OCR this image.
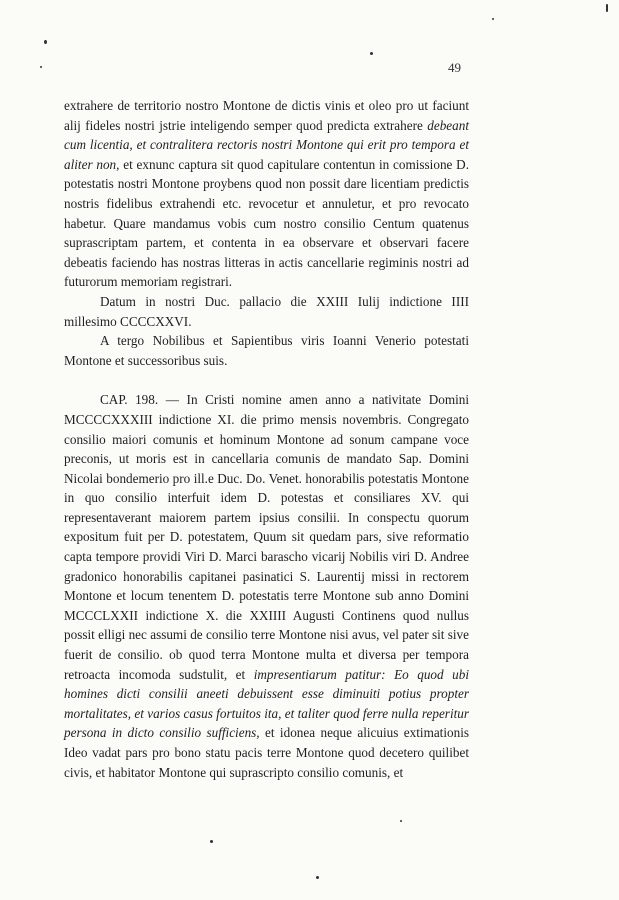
49

extrahere de territorio nostro Montone de dictis vinis et oleo pro ut faciunt alij fideles nostri jstrie inteligendo semper quod predicta extrahere debeant cum licentia, et contralitera rectoris nostri Montone qui erit pro tempora et aliter non, et exnunc captura sit quod capitulare contentun in comissione D. potestatis nostri Montone proybens quod non possit dare licentiam predictis nostris fidelibus extrahendi etc. revocetur et annuletur, et pro revocato habetur. Quare mandamus vobis cum nostro consilio Centum quatenus suprascriptam partem, et contenta in ea observare et observari facere debeatis faciendo has nostras litteras in actis cancellarie regiminis nostri ad futurorum memoriam registrari.

Datum in nostri Duc. pallacio die XXIII Iulij indictione IIII millesimo CCCCXXVI.

A tergo Nobilibus et Sapientibus viris Ioanni Venerio potestati Montone et successoribus suis.

CAP. 198. — In Cristi nomine amen anno a nativitate Domini MCCCCXXXIII indictione XI. die primo mensis novembris. Congregato consilio maiori comunis et hominum Montone ad sonum campane voce preconis, ut moris est in cancellaria comunis de mandato Sap. Domini Nicolai bondemerio pro ill.e Duc. Do. Venet. honorabilis potestatis Montone in quo consilio interfuit idem D. potestas et consiliares XV. qui representaverant maiorem partem ipsius consilii. In conspectu quorum expositum fuit per D. potestatem, Quum sit quedam pars, sive reformatio capta tempore providi Viri D. Marci barascho vicarij Nobilis viri D. Andree gradonico honorabilis capitanei pasinatici S. Laurentij missi in rectorem Montone et locum tenentem D. potestatis terre Montone sub anno Domini MCCCLXXII indictione X. die XXIIII Augusti Continens quod nullus possit elligi nec assumi de consilio terre Montone nisi avus, vel pater sit sive fuerit de consilio. ob quod terra Montone multa et diversa per tempora retroacta incomoda sudstulit, et impresentiarum patitur: Eo quod ubi homines dicti consilii aneeti debuissent esse diminuiti potius propter mortalitates, et varios casus fortuitos ita, et taliter quod ferre nulla reperitur persona in dicto consilio sufficiens, et idonea neque alicuius extimationis Ideo vadat pars pro bono statu pacis terre Montone quod decetero quilibet civis, et habitator Montone qui suprascripto consilio comunis, et
